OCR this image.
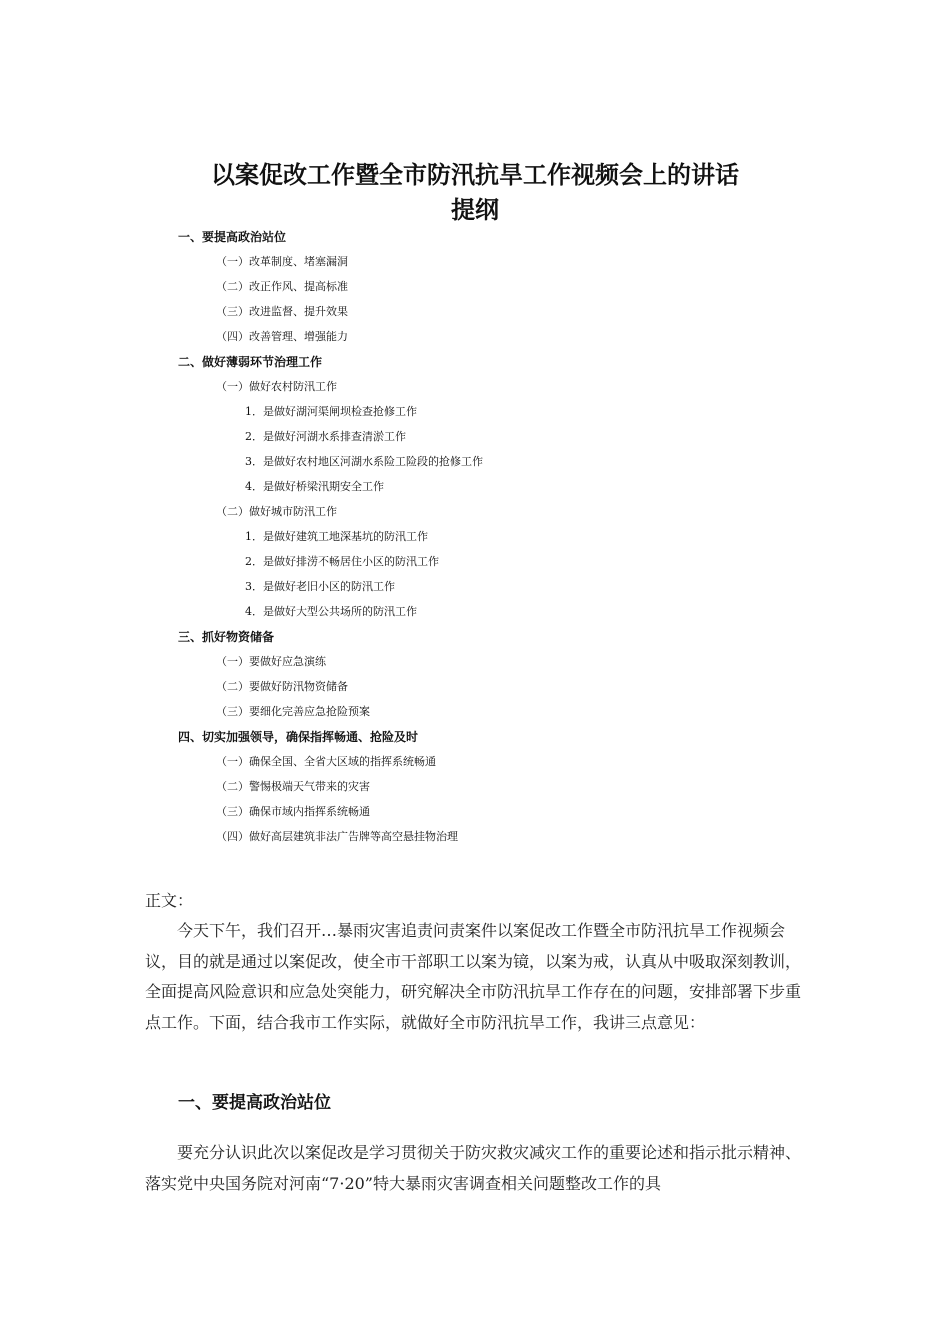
以案促改工作暨全市防汛抗旱工作视频会上的讲话
提纲
一、要提高政治站位
（一）改革制度、堵塞漏洞
（二）改正作风、提高标准
（三）改进监督、提升效果
（四）改善管理、增强能力
二、做好薄弱环节治理工作
（一）做好农村防汛工作
1．是做好湖河渠闸坝检查抢修工作
2．是做好河湖水系排查清淤工作
3．是做好农村地区河湖水系险工险段的抢修工作
4．是做好桥梁汛期安全工作
（二）做好城市防汛工作
1．是做好建筑工地深基坑的防汛工作
2．是做好排涝不畅居住小区的防汛工作
3．是做好老旧小区的防汛工作
4．是做好大型公共场所的防汛工作
三、抓好物资储备
（一）要做好应急演练
（二）要做好防汛物资储备
（三）要细化完善应急抢险预案
四、切实加强领导，确保指挥畅通、抢险及时
（一）确保全国、全省大区域的指挥系统畅通
（二）警惕极端天气带来的灾害
（三）确保市域内指挥系统畅通
（四）做好高层建筑非法广告牌等高空悬挂物治理
正文：
今天下午，我们召开…暴雨灾害追责问责案件以案促改工作暨全市防汛抗旱工作视频会议，目的就是通过以案促改，使全市干部职工以案为镜，以案为戒，认真从中吸取深刻教训，全面提高风险意识和应急处突能力，研究解决全市防汛抗旱工作存在的问题，安排部署下步重点工作。下面，结合我市工作实际，就做好全市防汛抗旱工作，我讲三点意见：
一、要提高政治站位
要充分认识此次以案促改是学习贯彻关于防灾救灾减灾工作的重要论述和指示批示精神、落实党中央国务院对河南“7·20”特大暴雨灾害调查相关问题整改工作的具
